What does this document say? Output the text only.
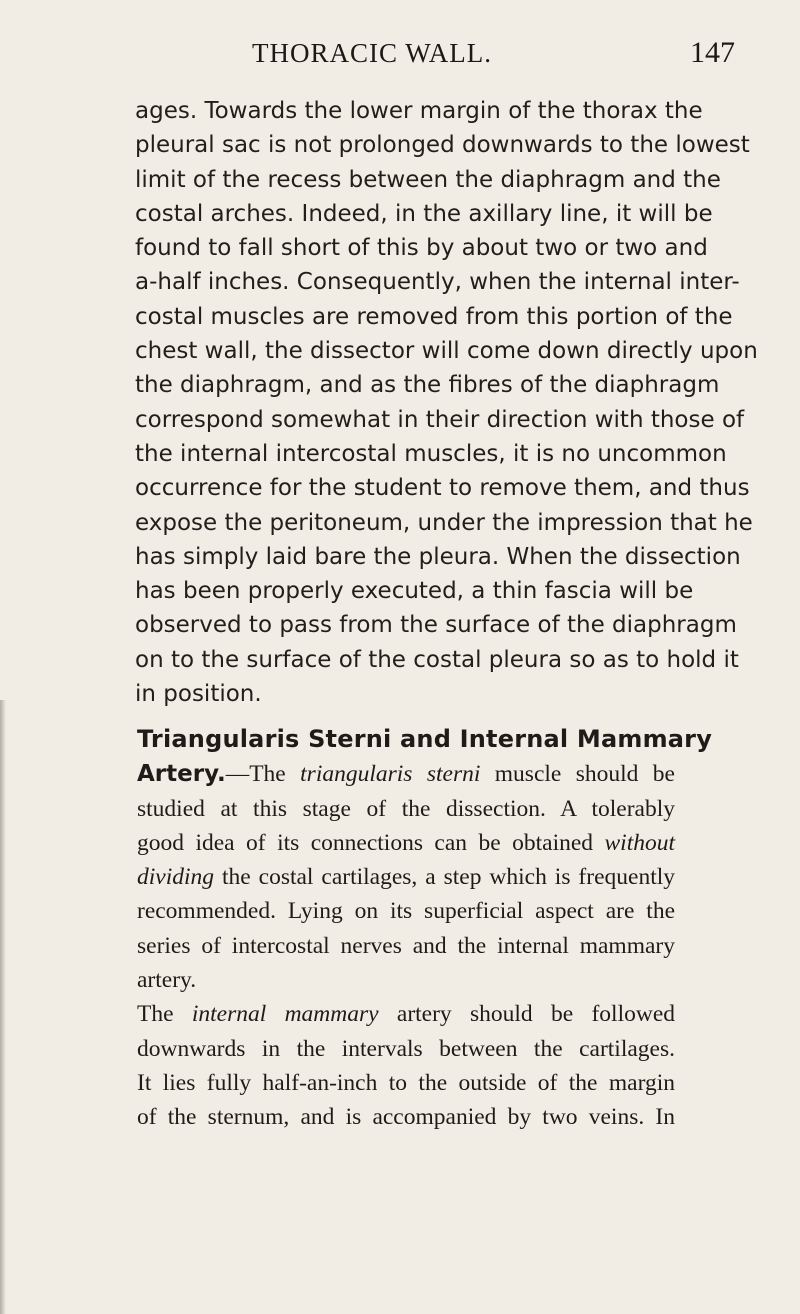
THORACIC WALL.	147
ages. Towards the lower margin of the thorax the
pleural sac is not prolonged downwards to the lowest
limit of the recess between the diaphragm and the
costal arches. Indeed, in the axillary line, it will be
found to fall short of this by about two or two and
a-half inches. Consequently, when the internal inter-
costal muscles are removed from this portion of the
chest wall, the dissector will come down directly upon
the diaphragm, and as the fibres of the diaphragm
correspond somewhat in their direction with those of
the internal intercostal muscles, it is no uncommon
occurrence for the student to remove them, and thus
expose the peritoneum, under the impression that he
has simply laid bare the pleura. When the dissection
has been properly executed, a thin fascia will be
observed to pass from the surface of the diaphragm
on to the surface of the costal pleura so as to hold it
in position.
Triangularis Sterni and Internal Mammary
Artery.—The triangularis sterni muscle should be
studied at this stage of the dissection. A tolerably
good idea of its connections can be obtained without
dividing the costal cartilages, a step which is frequently
recommended. Lying on its superficial aspect are the
series of intercostal nerves and the internal mammary
artery.
The internal mammary artery should be followed
downwards in the intervals between the cartilages.
It lies fully half-an-inch to the outside of the margin
of the sternum, and is accompanied by two veins. In
